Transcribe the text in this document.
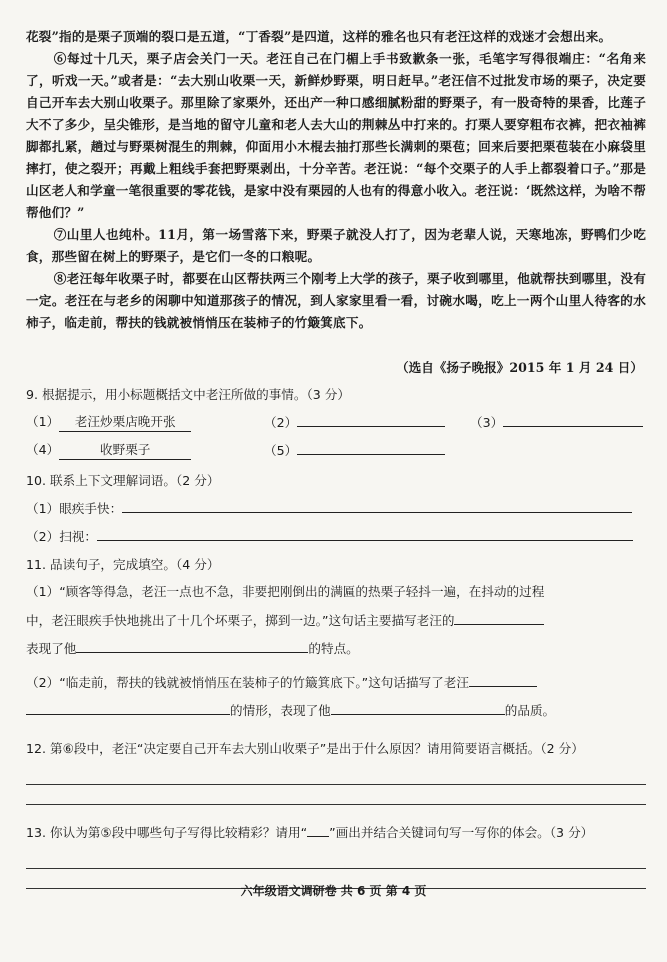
花裂”指的是栗子顶端的裂口是五道，“丁香裂”是四道，这样的雅名也只有老汪这样的戏迷才会想出来。

⑥每过十几天，栗子店会关门一天。老汪自己在门楣上手书致歉条一张，毛笔字写得很端庄：“名角来了，听戏一天。”或者是：“去大别山收栗一天，新鲜炒野栗，明日赶早。”老汪信不过批发市场的栗子，决定要自己开车去大别山收栗子。那里除了家栗外，还出产一种口感细腻粉甜的野栗子，有一股奇特的果香，比莲子大不了多少，呈尖锥形，是当地的留守儿童和老人去大山的荆棘丛中打来的。打栗人要穿粗布衣裤，把衣袖裤脚都扎紧，趟过与野栗树混生的荆棘，仰面用小木棍去抽打那些长满刺的栗苞；回来后要把栗苞装在小麻袋里摔打，使之裂开；再戴上粗线手套把野栗剥出，十分辛苦。老汪说：“每个交栗子的人手上都裂着口子。”那是山区老人和学童一笔很重要的零花钱，是家中没有栗园的人也有的得意小收入。老汪说：‘既然这样，为啥不帮帮他们？”

⑦山里人也纯朴。11月，第一场雪落下来，野栗子就没人打了，因为老辈人说，天寒地冻，野鸭们少吃食，那些留在树上的野栗子，是它们一冬的口粮呢。

⑧老汪每年收栗子时，都要在山区帮扶两三个刚考上大学的孩子，栗子收到哪里，他就帮扶到哪里，没有一定。老汪在与老乡的闲聊中知道那孩子的情况，到人家家里看一看，讨碗水喝，吃上一两个山里人待客的水柿子，临走前，帮扶的钱就被悄悄压在装柿子的竹簸箕底下。

（选自《扬子晚报》2015 年 1 月 24 日）
9. 根据提示，用小标题概括文中老汪所做的事情。（3 分）
（1） 老汪炒栗店晚开张	（2）	（3）
（4）	收野栗子	（5）
10. 联系上下文理解词语。（2 分）
（1）眼疾手快：
（2）扫视：
11. 品读句子，完成填空。（4 分）
（1）“顾客等得急，老汪一点也不急，非要把刚倒出的满匾的热栗子轻抖一遍，在抖动的过程
中，老汪眼疾手快地挑出了十几个坏栗子，掷到一边。”这句话主要描写老汪的
表现了他	的特点。
（2）“临走前，帮扶的钱就被悄悄压在装柿子的竹簸箕底下。”这句话描写了老汪
的情形，表现了他	的品质。
12. 第⑥段中，老汪“决定要自己开车去大别山收栗子”是出于什么原因？请用简要语言概括。（2 分）
13. 你认为第⑤段中哪些句子写得比较精彩？请用“ ”画出并结合关键词句写一写你的体会。（3 分）
六年级语文调研卷 共 6 页 第 4 页
